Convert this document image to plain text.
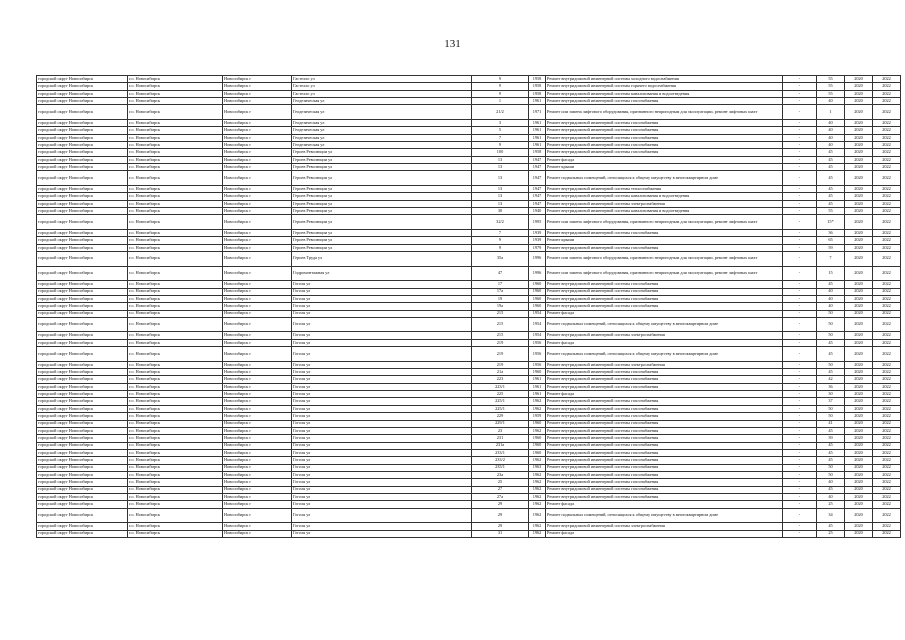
131
городской округ Новосибирск	г.о. Новосибирск	Новосибирск г	Гастелло ул	9	1958	Ремонт внутридомовой инженерной системы холодного водоснабжения	-	55	2020	2022
городской округ Новосибирск	г.о. Новосибирск	Новосибирск г	Гастелло ул	9	1958	Ремонт внутридомовой инженерной системы горячего водоснабжения	-	55	2020	2022
городской округ Новосибирск	г.о. Новосибирск	Новосибирск г	Гастелло ул	9	1958	Ремонт внутридомовой инженерной системы канализования и водоотведения	-	55	2020	2022
городской округ Новосибирск	г.о. Новосибирск	Новосибирск г	Геодезическая ул	1	1961	Ремонт внутридомовой инженерной системы газоснабжения	-	40	2020	2022
городской округ Новосибирск	г.о. Новосибирск	Новосибирск г	Геодезическая ул	21/2	1971	Ремонт или замена лифтового оборудования, признанного непригодным для эксплуатации, ремонт лифтовых шахт	-	1	2020	2022
городской округ Новосибирск	г.о. Новосибирск	Новосибирск г	Геодезическая ул	3	1961	Ремонт внутридомовой инженерной системы газоснабжения	-	40	2020	2022
городской округ Новосибирск	г.о. Новосибирск	Новосибирск г	Геодезическая ул	5	1961	Ремонт внутридомовой инженерной системы газоснабжения	-	40	2020	2022
городской округ Новосибирск	г.о. Новосибирск	Новосибирск г	Геодезическая ул	7	1961	Ремонт внутридомовой инженерной системы газоснабжения	-	40	2020	2022
городской округ Новосибирск	г.о. Новосибирск	Новосибирск г	Геодезическая ул	9	1961	Ремонт внутридомовой инженерной системы газоснабжения	-	40	2020	2022
городской округ Новосибирск	г.о. Новосибирск	Новосибирск г	Героев Революции ул	100	1958	Ремонт внутридомовой инженерной системы газоснабжения	-	45	2020	2022
городской округ Новосибирск	г.о. Новосибирск	Новосибирск г	Героев Революции ул	13	1947	Ремонт фасада	-	45	2020	2022
городской округ Новосибирск	г.о. Новосибирск	Новосибирск г	Героев Революции ул	13	1947	Ремонт крыши	-	45	2020	2022
городской округ Новосибирск	г.о. Новосибирск	Новосибирск г	Героев Революции ул	13	1947	Ремонт подвальных помещений, относящихся к общему имуществу в многоквартирном доме	-	45	2020	2022
городской округ Новосибирск	г.о. Новосибирск	Новосибирск г	Героев Революции ул	13	1947	Ремонт внутридомовой инженерной системы теплоснабжения	-	45	2020	2022
городской округ Новосибирск	г.о. Новосибирск	Новосибирск г	Героев Революции ул	13	1947	Ремонт внутридомовой инженерной системы канализования и водоотведения	-	45	2020	2022
городской округ Новосибирск	г.о. Новосибирск	Новосибирск г	Героев Революции ул	13	1947	Ремонт внутридомовой инженерной системы электроснабжения	-	45	2020	2022
городской округ Новосибирск	г.о. Новосибирск	Новосибирск г	Героев Революции ул	30	1940	Ремонт внутридомовой инженерной системы канализования и водоотведения	-	55	2020	2022
городской округ Новосибирск	г.о. Новосибирск	Новосибирск г	Героев Революции ул	32/2	1995	Ремонт или замена лифтового оборудования, признанного непригодным для эксплуатации, ремонт лифтовых шахт	-	15*	2020	2022
городской округ Новосибирск	г.о. Новосибирск	Новосибирск г	Героев Революции ул	7	1939	Ремонт внутридомовой инженерной системы газоснабжения	-	36	2020	2022
городской округ Новосибирск	г.о. Новосибирск	Новосибирск г	Героев Революции ул	9	1939	Ремонт крыши	-	65	2020	2022
городской округ Новосибирск	г.о. Новосибирск	Новосибирск г	Героев Революции ул	9	1979	Ремонт внутридомовой инженерной системы газоснабжения	-	59	2020	2022
городской округ Новосибирск	г.о. Новосибирск	Новосибирск г	Героев Труда ул	35а	1996	Ремонт или замена лифтового оборудования, признанного непригодным для эксплуатации, ремонт лифтовых шахт	-	7	2020	2022
городской округ Новосибирск	г.о. Новосибирск	Новосибирск г	Гидромонтажная ул	47	1996	Ремонт или замена лифтового оборудования, признанного непригодным для эксплуатации, ремонт лифтовых шахт	-	15	2020	2022
городской округ Новосибирск	г.о. Новосибирск	Новосибирск г	Гоголя ул	17	1960	Ремонт внутридомовой инженерной системы газоснабжения	-	45	2020	2022
городской округ Новосибирск	г.о. Новосибирск	Новосибирск г	Гоголя ул	17а	1960	Ремонт внутридомовой инженерной системы газоснабжения	-	40	2020	2022
городской округ Новосибирск	г.о. Новосибирск	Новосибирск г	Гоголя ул	19	1960	Ремонт внутридомовой инженерной системы газоснабжения	-	40	2020	2022
городской округ Новосибирск	г.о. Новосибирск	Новосибирск г	Гоголя ул	19а	1960	Ремонт внутридомовой инженерной системы газоснабжения	-	40	2020	2022
городской округ Новосибирск	г.о. Новосибирск	Новосибирск г	Гоголя ул	215	1954	Ремонт фасада	-	50	2020	2022
городской округ Новосибирск	г.о. Новосибирск	Новосибирск г	Гоголя ул	215	1954	Ремонт подвальных помещений, относящихся к общему имуществу в многоквартирном доме	-	50	2020	2022
городской округ Новосибирск	г.о. Новосибирск	Новосибирск г	Гоголя ул	215	1954	Ремонт внутридомовой инженерной системы электроснабжения	-	50	2020	2022
городской округ Новосибирск	г.о. Новосибирск	Новосибирск г	Гоголя ул	219	1956	Ремонт фасада	-	45	2020	2022
городской округ Новосибирск	г.о. Новосибирск	Новосибирск г	Гоголя ул	219	1956	Ремонт подвальных помещений, относящихся к общему имуществу в многоквартирном доме	-	45	2020	2022
городской округ Новосибирск	г.о. Новосибирск	Новосибирск г	Гоголя ул	219	1956	Ремонт внутридомовой инженерной системы электроснабжения	-	50	2020	2022
городской округ Новосибирск	г.о. Новосибирск	Новосибирск г	Гоголя ул	21а	1960	Ремонт внутридомовой инженерной системы газоснабжения	-	45	2020	2022
городской округ Новосибирск	г.о. Новосибирск	Новосибирск г	Гоголя ул	223	1961	Ремонт внутридомовой инженерной системы газоснабжения	-	42	2020	2022
городской округ Новосибирск	г.о. Новосибирск	Новосибирск г	Гоголя ул	223/1	1961	Ремонт внутридомовой инженерной системы газоснабжения	-	36	2020	2022
городской округ Новосибирск	г.о. Новосибирск	Новосибирск г	Гоголя ул	225	1961	Ремонт фасада	-	30	2020	2022
городской округ Новосибирск	г.о. Новосибирск	Новосибирск г	Гоголя ул	225/1	1962	Ремонт внутридомовой инженерной системы газоснабжения	-	37	2020	2022
городской округ Новосибирск	г.о. Новосибирск	Новосибирск г	Гоголя ул	225/1	1962	Ремонт внутридомовой инженерной системы газоснабжения	-	50	2020	2022
городской округ Новосибирск	г.о. Новосибирск	Новосибирск г	Гоголя ул	229	1959	Ремонт внутридомовой инженерной системы газоснабжения	-	50	2020	2022
городской округ Новосибирск	г.о. Новосибирск	Новосибирск г	Гоголя ул	229/1	1960	Ремонт внутридомовой инженерной системы газоснабжения	-	41	2020	2022
городской округ Новосибирск	г.о. Новосибирск	Новосибирск г	Гоголя ул	23	1962	Ремонт внутридомовой инженерной системы газоснабжения	-	45	2020	2022
городской округ Новосибирск	г.о. Новосибирск	Новосибирск г	Гоголя ул	231	1960	Ремонт внутридомовой инженерной системы газоснабжения	-	39	2020	2022
городской округ Новосибирск	г.о. Новосибирск	Новосибирск г	Гоголя ул	231а	1960	Ремонт внутридомовой инженерной системы газоснабжения	-	45	2020	2022
городской округ Новосибирск	г.о. Новосибирск	Новосибирск г	Гоголя ул	233/1	1960	Ремонт внутридомовой инженерной системы газоснабжения	-	45	2020	2022
городской округ Новосибирск	г.о. Новосибирск	Новосибирск г	Гоголя ул	233/2	1962	Ремонт внутридомовой инженерной системы газоснабжения	-	45	2020	2022
городской округ Новосибирск	г.о. Новосибирск	Новосибирск г	Гоголя ул	235/1	1963	Ремонт внутридомовой инженерной системы газоснабжения	-	50	2020	2022
городской округ Новосибирск	г.о. Новосибирск	Новосибирск г	Гоголя ул	23а	1962	Ремонт внутридомовой инженерной системы газоснабжения	-	50	2020	2022
городской округ Новосибирск	г.о. Новосибирск	Новосибирск г	Гоголя ул	25	1962	Ремонт внутридомовой инженерной системы газоснабжения	-	40	2020	2022
городской округ Новосибирск	г.о. Новосибирск	Новосибирск г	Гоголя ул	27	1962	Ремонт внутридомовой инженерной системы газоснабжения	-	45	2020	2022
городской округ Новосибирск	г.о. Новосибирск	Новосибирск г	Гоголя ул	27а	1962	Ремонт внутридомовой инженерной системы газоснабжения	-	40	2020	2022
городской округ Новосибирск	г.о. Новосибирск	Новосибирск г	Гоголя ул	29	1962	Ремонт фасада	-	25	2020	2022
городской округ Новосибирск	г.о. Новосибирск	Новосибирск г	Гоголя ул	29	1962	Ремонт подвальных помещений, относящихся к общему имуществу в многоквартирном доме	-	34	2020	2022
городской округ Новосибирск	г.о. Новосибирск	Новосибирск г	Гоголя ул	29	1962	Ремонт внутридомовой инженерной системы электроснабжения	-	45	2020	2022
городской округ Новосибирск	г.о. Новосибирск	Новосибирск г	Гоголя ул	31	1962	Ремонт фасада	-	25	2020	2022
